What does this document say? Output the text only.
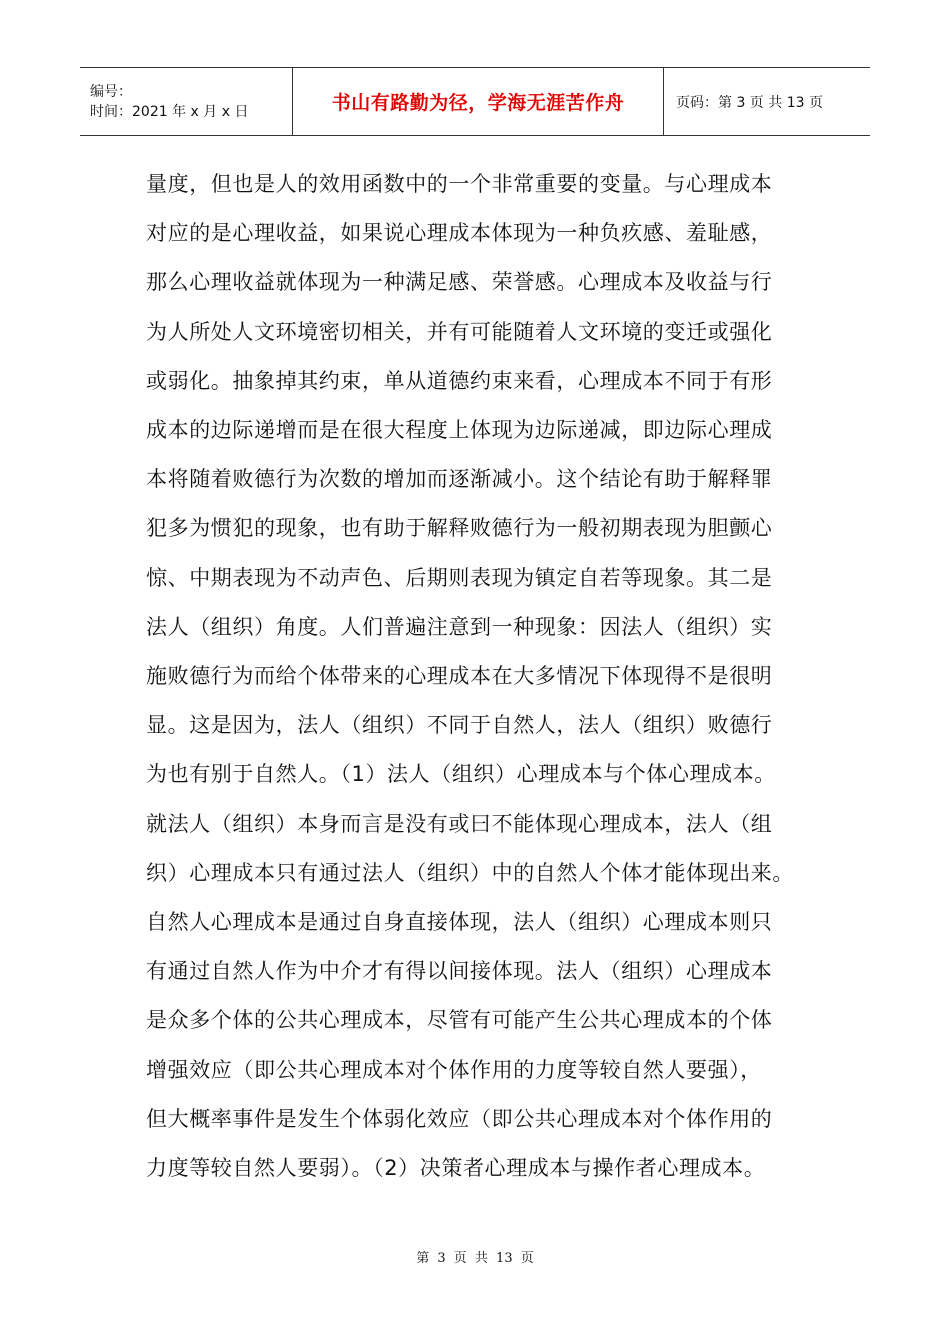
编号：
时间：2021 年 x 月 x 日	书山有路勤为径，学海无涯苦作舟	页码：第 3 页 共 13 页
量度，但也是人的效用函数中的一个非常重要的变量。与心理成本
对应的是心理收益，如果说心理成本体现为一种负疚感、羞耻感，
那么心理收益就体现为一种满足感、荣誉感。心理成本及收益与行
为人所处人文环境密切相关，并有可能随着人文环境的变迁或强化
或弱化。抽象掉其约束，单从道德约束来看，心理成本不同于有形
成本的边际递增而是在很大程度上体现为边际递减，即边际心理成
本将随着败德行为次数的增加而逐渐减小。这个结论有助于解释罪
犯多为惯犯的现象，也有助于解释败德行为一般初期表现为胆颤心
惊、中期表现为不动声色、后期则表现为镇定自若等现象。其二是
法人（组织）角度。人们普遍注意到一种现象：因法人（组织）实
施败德行为而给个体带来的心理成本在大多情况下体现得不是很明
显。这是因为，法人（组织）不同于自然人，法人（组织）败德行
为也有别于自然人。（1）法人（组织）心理成本与个体心理成本。
就法人（组织）本身而言是没有或曰不能体现心理成本，法人（组
织）心理成本只有通过法人（组织）中的自然人个体才能体现出来。
自然人心理成本是通过自身直接体现，法人（组织）心理成本则只
有通过自然人作为中介才有得以间接体现。法人（组织）心理成本
是众多个体的公共心理成本，尽管有可能产生公共心理成本的个体
增强效应（即公共心理成本对个体作用的力度等较自然人要强），
但大概率事件是发生个体弱化效应（即公共心理成本对个体作用的
力度等较自然人要弱）。（2）决策者心理成本与操作者心理成本。
第 3 页 共 13 页
